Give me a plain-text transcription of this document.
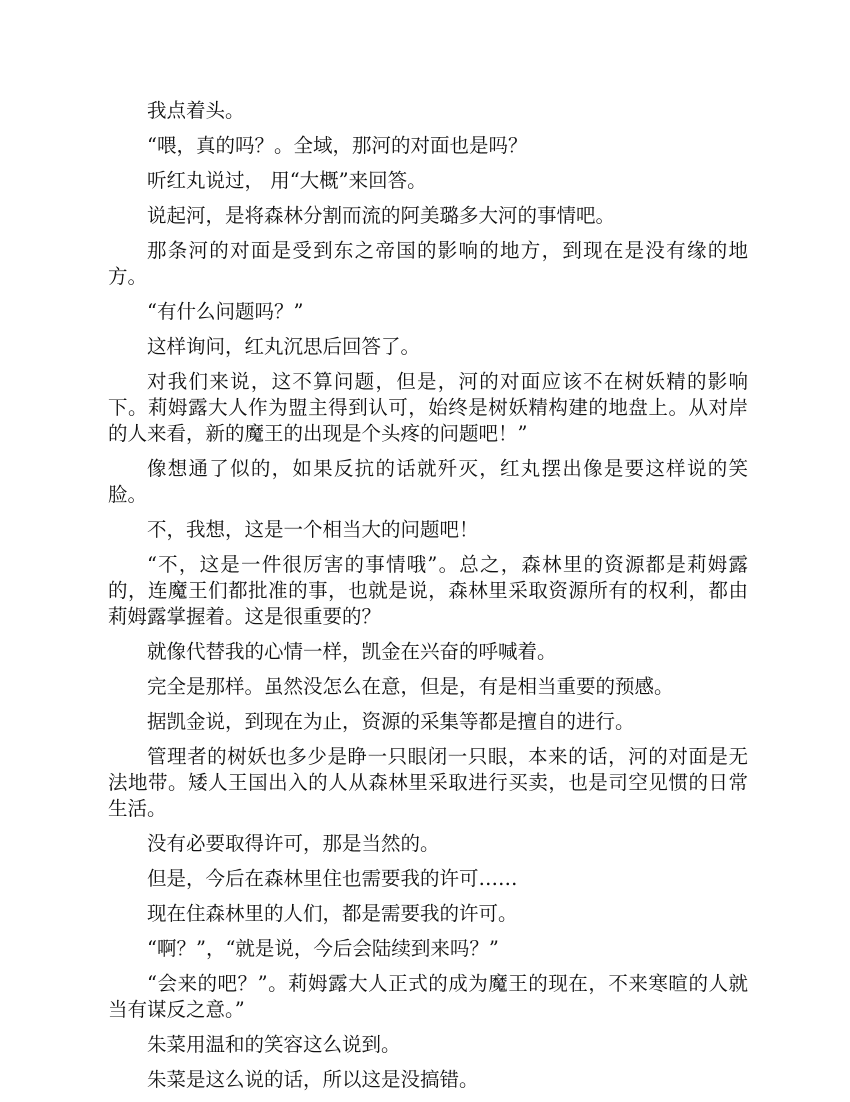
我点着头。

“喂，真的吗？。全域，那河的对面也是吗？

听红丸说过， 用“大概”来回答。

说起河，是将森林分割而流的阿美璐多大河的事情吧。

那条河的对面是受到东之帝国的影响的地方，到现在是没有缘的地方。

“有什么问题吗？”

这样询问，红丸沉思后回答了。

对我们来说，这不算问题，但是，河的对面应该不在树妖精的影响下。莉姆露大人作为盟主得到认可，始终是树妖精构建的地盘上。从对岸的人来看，新的魔王的出现是个头疼的问题吧！”

像想通了似的，如果反抗的话就歼灭，红丸摆出像是要这样说的笑脸。

不，我想，这是一个相当大的问题吧！

“不，这是一件很厉害的事情哦”。总之，森林里的资源都是莉姆露的，连魔王们都批准的事，也就是说，森林里采取资源所有的权利，都由莉姆露掌握着。这是很重要的？

就像代替我的心情一样，凯金在兴奋的呼喊着。

完全是那样。虽然没怎么在意，但是，有是相当重要的预感。

据凯金说，到现在为止，资源的采集等都是擅自的进行。

管理者的树妖也多少是睁一只眼闭一只眼，本来的话，河的对面是无法地带。矮人王国出入的人从森林里采取进行买卖，也是司空见惯的日常生活。

没有必要取得许可，那是当然的。

但是，今后在森林里住也需要我的许可……

现在住森林里的人们，都是需要我的许可。

“啊？”，“就是说，今后会陆续到来吗？”

“会来的吧？”。莉姆露大人正式的成为魔王的现在，不来寒暄的人就当有谋反之意。”

朱菜用温和的笑容这么说到。

朱菜是这么说的话，所以这是没搞错。
